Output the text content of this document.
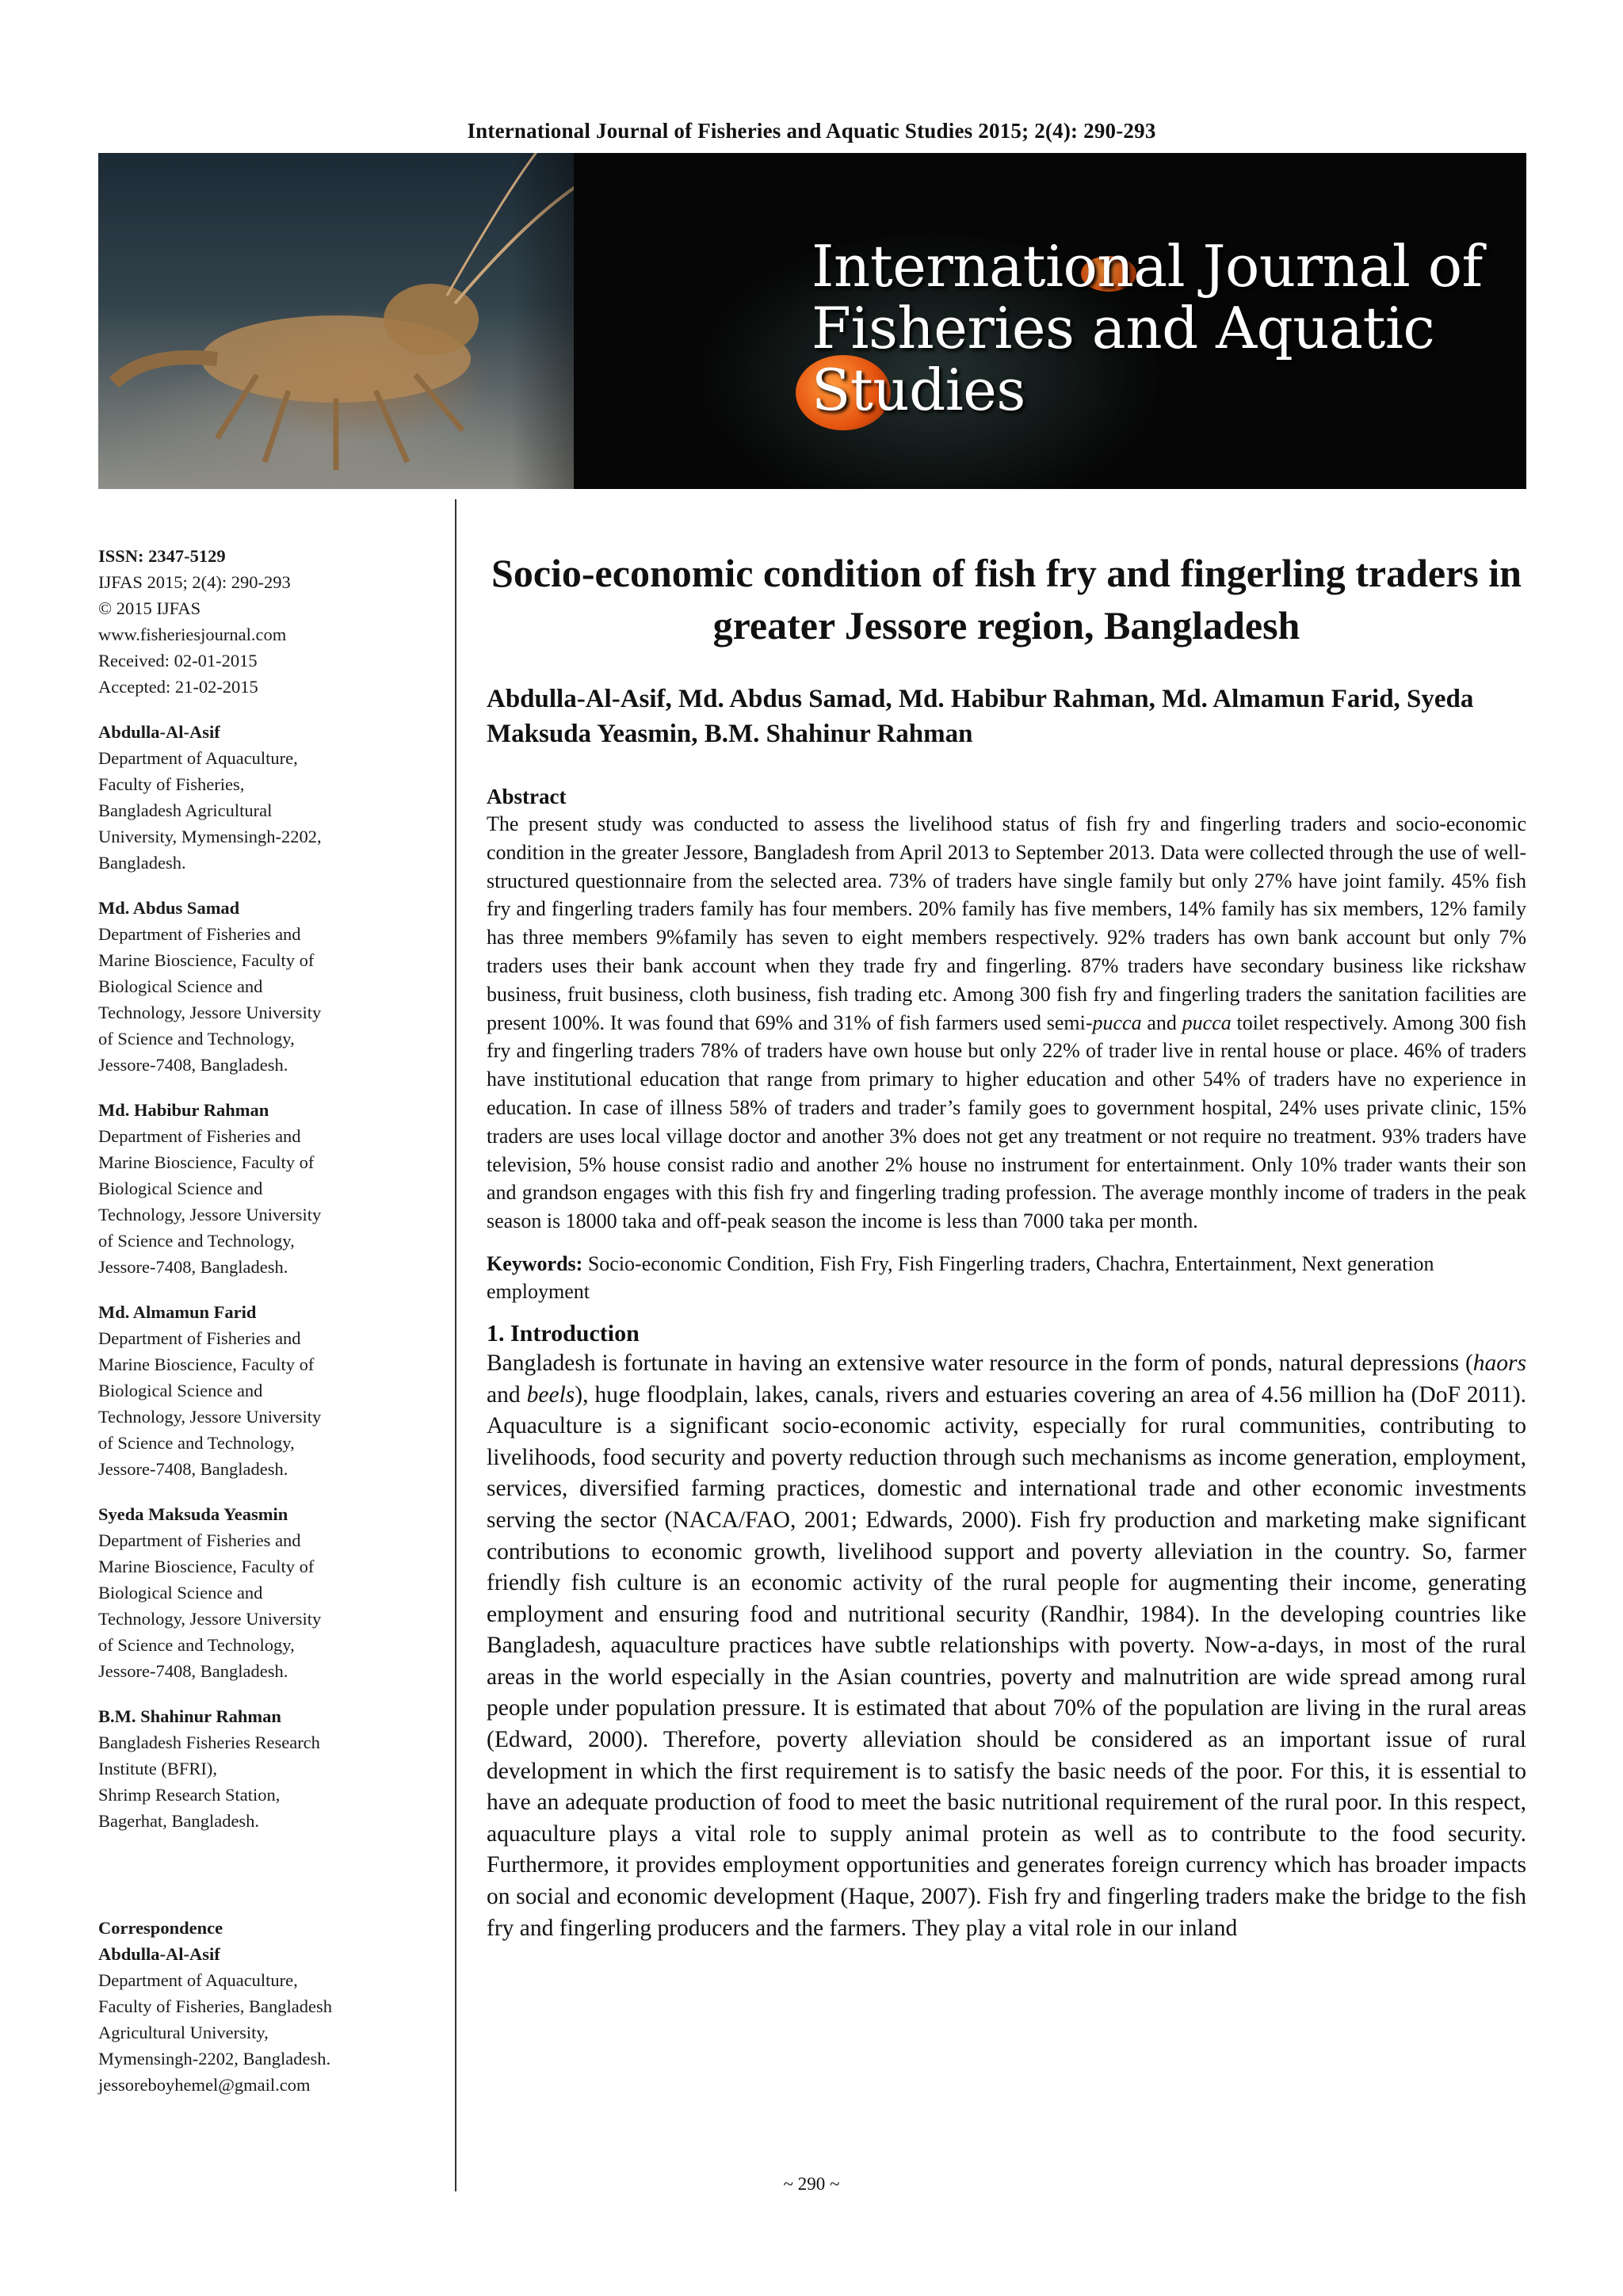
International Journal of Fisheries and Aquatic Studies 2015; 2(4): 290-293
International Journal of
Fisheries and Aquatic Studies
ISSN: 2347-5129
IJFAS 2015; 2(4): 290-293
© 2015 IJFAS
www.fisheriesjournal.com
Received: 02-01-2015
Accepted: 21-02-2015
Abdulla-Al-Asif
Department of Aquaculture,
Faculty of Fisheries,
Bangladesh Agricultural
University, Mymensingh-2202,
Bangladesh.
Md. Abdus Samad
Department of Fisheries and
Marine Bioscience, Faculty of
Biological Science and
Technology, Jessore University
of Science and Technology,
Jessore-7408, Bangladesh.
Md. Habibur Rahman
Department of Fisheries and
Marine Bioscience, Faculty of
Biological Science and
Technology, Jessore University
of Science and Technology,
Jessore-7408, Bangladesh.
Md. Almamun Farid
Department of Fisheries and
Marine Bioscience, Faculty of
Biological Science and
Technology, Jessore University
of Science and Technology,
Jessore-7408, Bangladesh.
Syeda Maksuda Yeasmin
Department of Fisheries and
Marine Bioscience, Faculty of
Biological Science and
Technology, Jessore University
of Science and Technology,
Jessore-7408, Bangladesh.
B.M. Shahinur Rahman
Bangladesh Fisheries Research
Institute (BFRI),
Shrimp Research Station,
Bagerhat, Bangladesh.
Correspondence
Abdulla-Al-Asif
Department of Aquaculture,
Faculty of Fisheries, Bangladesh
Agricultural University,
Mymensingh-2202, Bangladesh.
jessoreboyhemel@gmail.com
Socio-economic condition of fish fry and fingerling traders in greater Jessore region, Bangladesh
Abdulla-Al-Asif, Md. Abdus Samad, Md. Habibur Rahman, Md. Almamun Farid, Syeda Maksuda Yeasmin, B.M. Shahinur Rahman
Abstract

The present study was conducted to assess the livelihood status of fish fry and fingerling traders and socio-economic condition in the greater Jessore, Bangladesh from April 2013 to September 2013. Data were collected through the use of well-structured questionnaire from the selected area. 73% of traders have single family but only 27% have joint family. 45% fish fry and fingerling traders family has four members. 20% family has five members, 14% family has six members, 12% family has three members 9%family has seven to eight members respectively. 92% traders has own bank account but only 7% traders uses their bank account when they trade fry and fingerling. 87% traders have secondary business like rickshaw business, fruit business, cloth business, fish trading etc. Among 300 fish fry and fingerling traders the sanitation facilities are present 100%. It was found that 69% and 31% of fish farmers used semi-pucca and pucca toilet respectively. Among 300 fish fry and fingerling traders 78% of traders have own house but only 22% of trader live in rental house or place. 46% of traders have institutional education that range from primary to higher education and other 54% of traders have no experience in education. In case of illness 58% of traders and trader’s family goes to government hospital, 24% uses private clinic, 15% traders are uses local village doctor and another 3% does not get any treatment or not require no treatment. 93% traders have television, 5% house consist radio and another 2% house no instrument for entertainment. Only 10% trader wants their son and grandson engages with this fish fry and fingerling trading profession. The average monthly income of traders in the peak season is 18000 taka and off-peak season the income is less than 7000 taka per month.

Keywords: Socio-economic Condition, Fish Fry, Fish Fingerling traders, Chachra, Entertainment, Next generation employment
1. Introduction

Bangladesh is fortunate in having an extensive water resource in the form of ponds, natural depressions (haors and beels), huge floodplain, lakes, canals, rivers and estuaries covering an area of 4.56 million ha (DoF 2011). Aquaculture is a significant socio-economic activity, especially for rural communities, contributing to livelihoods, food security and poverty reduction through such mechanisms as income generation, employment, services, diversified farming practices, domestic and international trade and other economic investments serving the sector (NACA/FAO, 2001; Edwards, 2000). Fish fry production and marketing make significant contributions to economic growth, livelihood support and poverty alleviation in the country. So, farmer friendly fish culture is an economic activity of the rural people for augmenting their income, generating employment and ensuring food and nutritional security (Randhir, 1984). In the developing countries like Bangladesh, aquaculture practices have subtle relationships with poverty. Now-a-days, in most of the rural areas in the world especially in the Asian countries, poverty and malnutrition are wide spread among rural people under population pressure. It is estimated that about 70% of the population are living in the rural areas (Edward, 2000). Therefore, poverty alleviation should be considered as an important issue of rural development in which the first requirement is to satisfy the basic needs of the poor. For this, it is essential to have an adequate production of food to meet the basic nutritional requirement of the rural poor. In this respect, aquaculture plays a vital role to supply animal protein as well as to contribute to the food security. Furthermore, it provides employment opportunities and generates foreign currency which has broader impacts on social and economic development (Haque, 2007). Fish fry and fingerling traders make the bridge to the fish fry and fingerling producers and the farmers. They play a vital role in our inland

~ 290 ~
